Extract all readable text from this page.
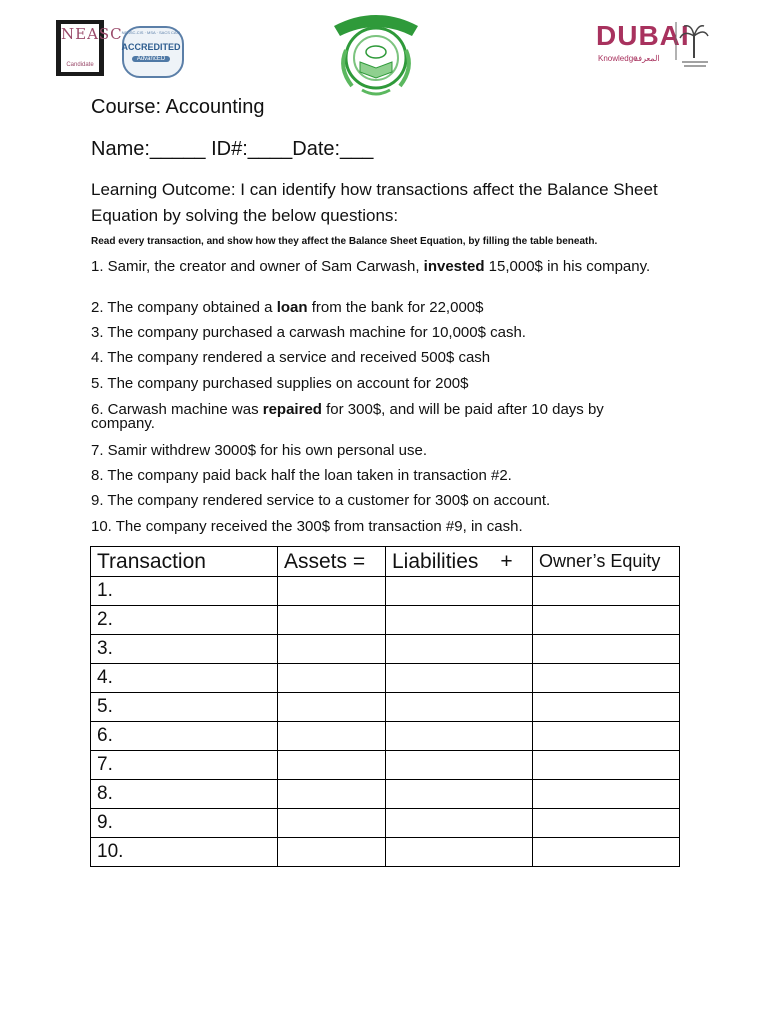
NEASC
Candidate
NEASC-CIS · MSA · SACS CASI
ACCREDITED
AdvancED
DUBAI
Knowledge
المعرفة
Course: Accounting
Name:_____ ID#:____Date:___
Learning Outcome: I can identify how transactions affect the Balance Sheet Equation by solving the below questions:
Read every transaction, and show how they affect the Balance Sheet Equation, by filling the table beneath.
1. Samir, the creator and owner of Sam Carwash, invested 15,000$ in his company.
2. The company obtained a loan from the bank for 22,000$
3. The company purchased a carwash machine for 10,000$ cash.
4. The company rendered a service and received 500$ cash
5. The company purchased supplies on account for 200$
6. Carwash machine was repaired for 300$, and will be paid after 10 days by company.
7. Samir withdrew 3000$ for his own personal use.
8. The company paid back half the loan taken in transaction #2.
9. The company rendered service to a customer for 300$ on account.
10. The company received the 300$ from transaction #9, in cash.
Transaction	Assets =	Liabilities +	Owner’s Equity
1.			
2.			
3.			
4.			
5.			
6.			
7.			
8.			
9.			
10.			
